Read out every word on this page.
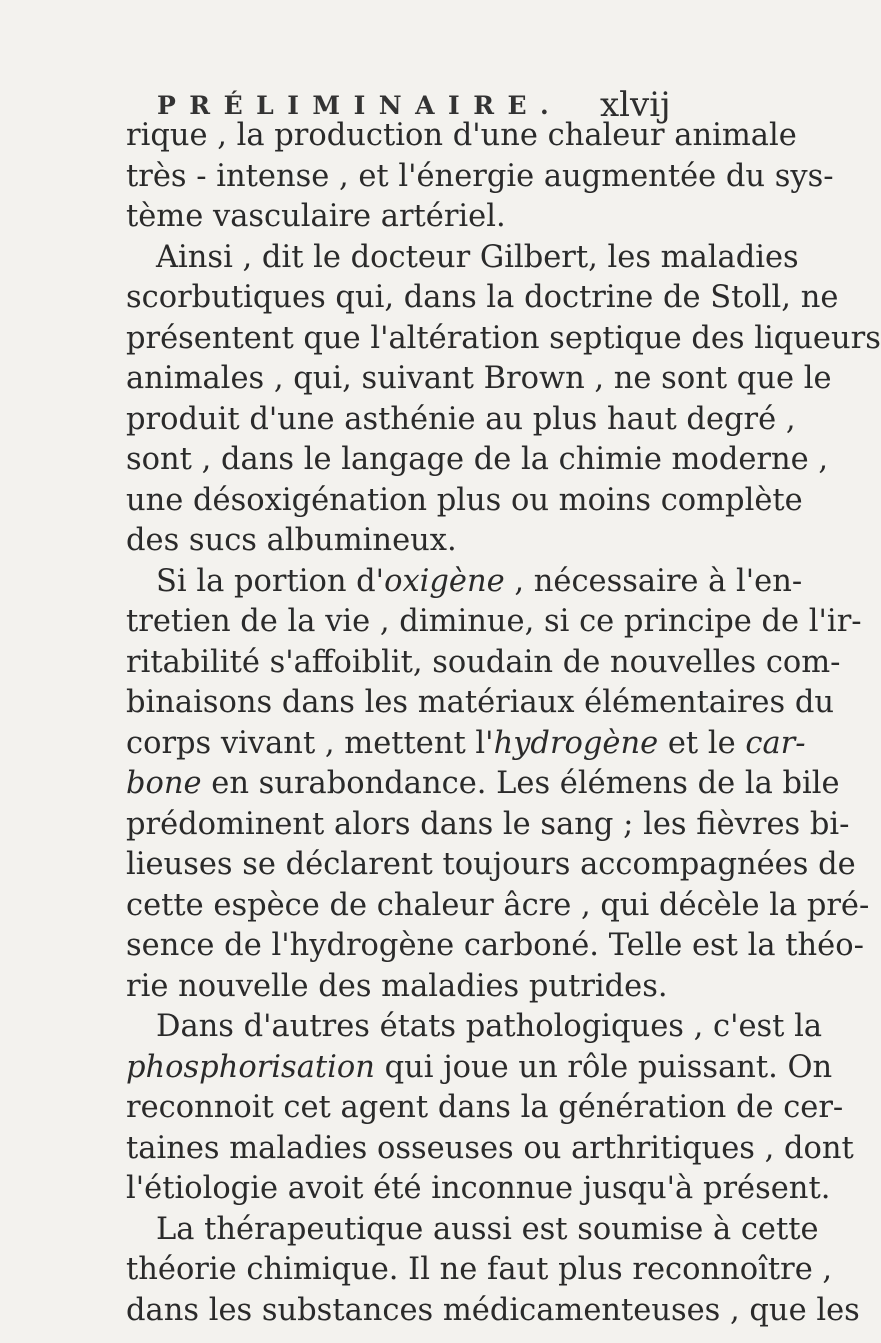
PRÉLIMINAIRE. xlvij
rique , la production d'une chaleur animale
très - intense , et l'énergie augmentée du sys-
tème vasculaire artériel.
Ainsi , dit le docteur Gilbert, les maladies
scorbutiques qui, dans la doctrine de Stoll, ne
présentent que l'altération septique des liqueurs
animales , qui, suivant Brown , ne sont que le
produit d'une asthénie au plus haut degré ,
sont , dans le langage de la chimie moderne ,
une désoxigénation plus ou moins complète
des sucs albumineux.
Si la portion d'oxigène , nécessaire à l'en-
tretien de la vie , diminue, si ce principe de l'ir-
ritabilité s'affoiblit, soudain de nouvelles com-
binaisons dans les matériaux élémentaires du
corps vivant , mettent l'hydrogène et le car-
bone en surabondance. Les élémens de la bile
prédominent alors dans le sang ; les fièvres bi-
lieuses se déclarent toujours accompagnées de
cette espèce de chaleur âcre , qui décèle la pré-
sence de l'hydrogène carboné. Telle est la théo-
rie nouvelle des maladies putrides.
Dans d'autres états pathologiques , c'est la
phosphorisation qui joue un rôle puissant. On
reconnoit cet agent dans la génération de cer-
taines maladies osseuses ou arthritiques , dont
l'étiologie avoit été inconnue jusqu'à présent.
La thérapeutique aussi est soumise à cette
théorie chimique. Il ne faut plus reconnoître ,
dans les substances médicamenteuses , que les
